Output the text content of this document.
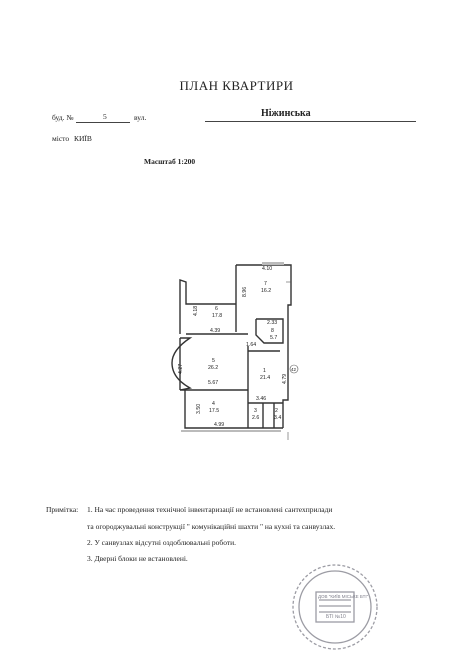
ПЛАН КВАРТИРИ
буд. №	5	вул.	Ніжинська
місто КИЇВ
Масштаб 1:200
4.10
7
16.2
8.96
6
17.8
4.18
4.39
2.33
8
5.7
1.64
5
26.2
4.27	1
21.4 4.79
5.67
3.46
4
17.5
3.50	3
2.6
2
3.4
4.99
42
Примітка: 1. На час проведення технічної інвентаризації не встановлені сантехприлади
та огороджувальні конструкції " комунікаційні шахти " на кухні та санвузлах.
2. У санвузлах відсутні оздоблювальні роботи.
3. Дверні блоки не встановлені.
ДОВ "КИЇВ МІСЬКЕ БТІ"
БТІ №10
